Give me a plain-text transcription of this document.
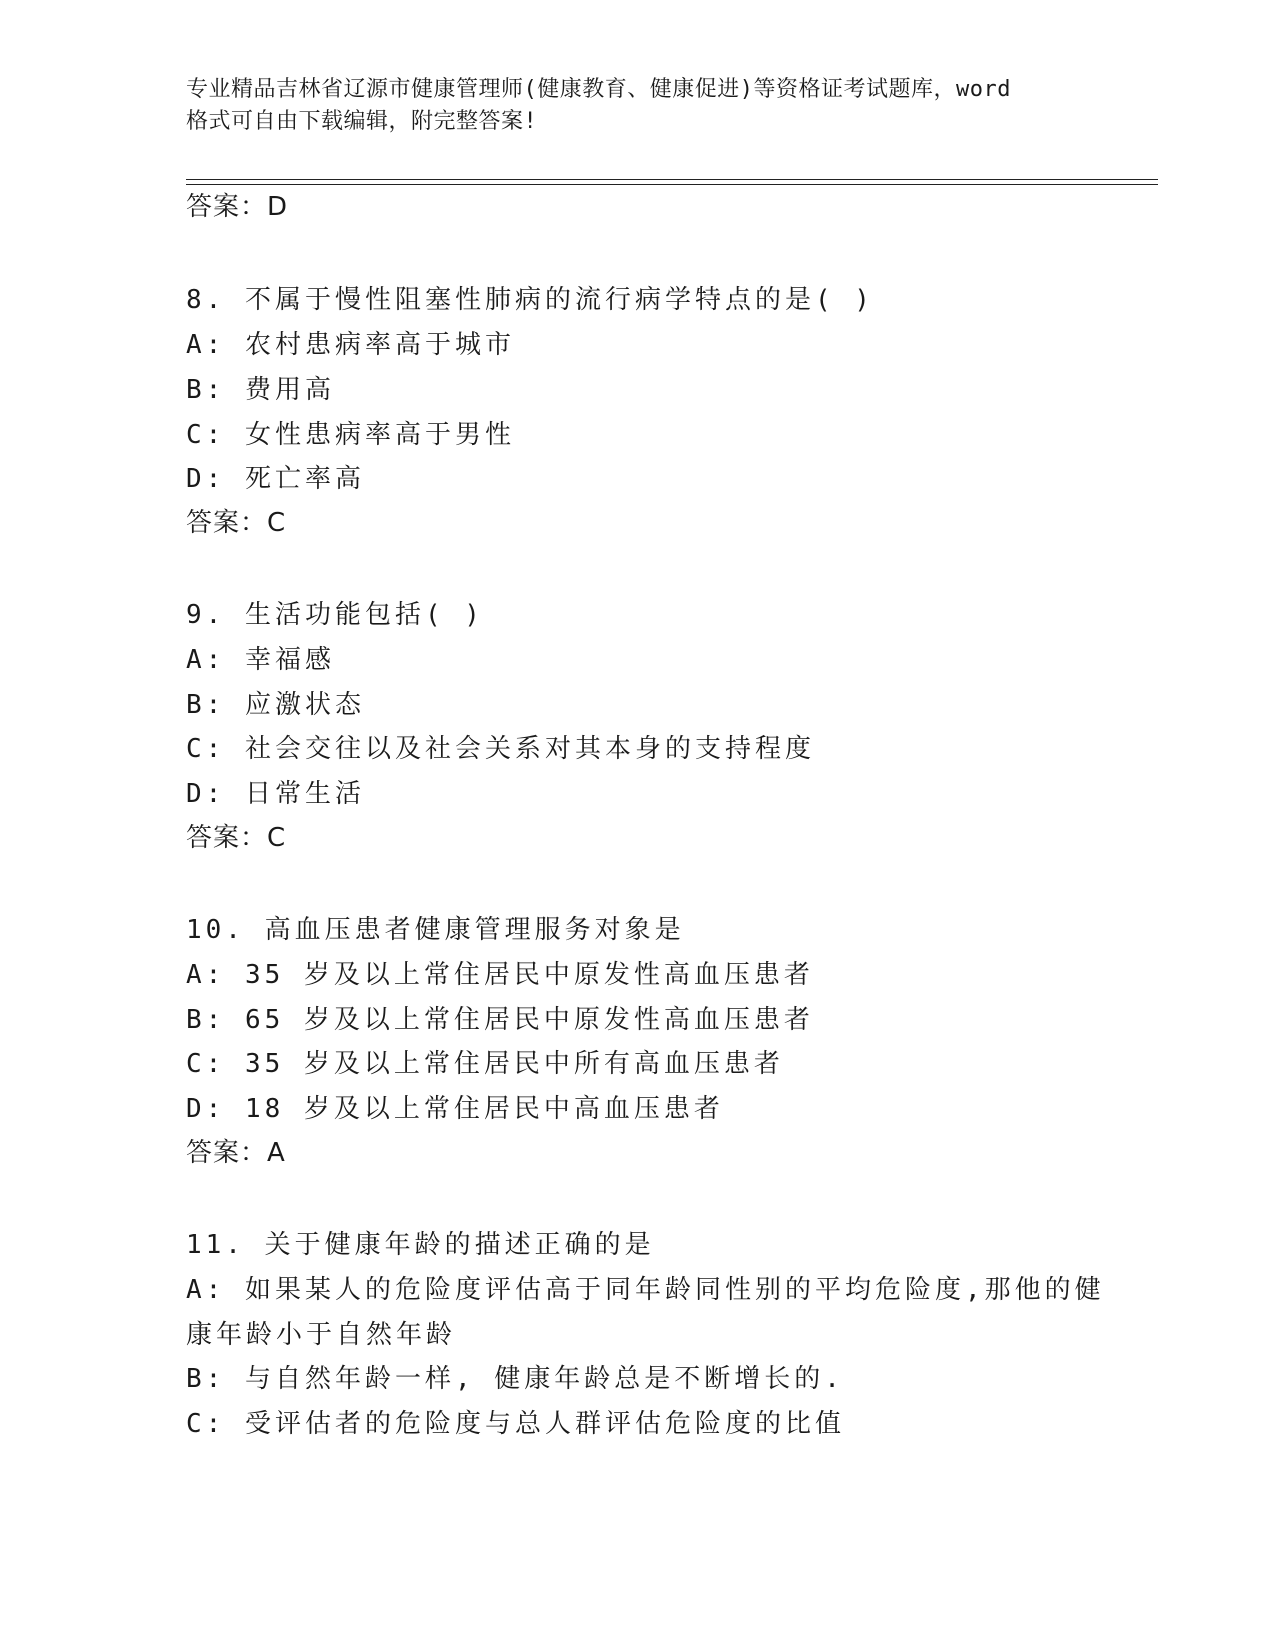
专业精品吉林省辽源市健康管理师(健康教育、健康促进)等资格证考试题库，word
格式可自由下载编辑，附完整答案!
答案：D
8. 不属于慢性阻塞性肺病的流行病学特点的是( )
A: 农村患病率高于城市
B: 费用高
C: 女性患病率高于男性
D: 死亡率高
答案：C
9. 生活功能包括( )
A: 幸福感
B: 应激状态
C: 社会交往以及社会关系对其本身的支持程度
D: 日常生活
答案：C
10. 高血压患者健康管理服务对象是
A: 35 岁及以上常住居民中原发性高血压患者
B: 65 岁及以上常住居民中原发性高血压患者
C: 35 岁及以上常住居民中所有高血压患者
D: 18 岁及以上常住居民中高血压患者
答案：A
11. 关于健康年龄的描述正确的是
A: 如果某人的危险度评估高于同年龄同性别的平均危险度,那他的健
康年龄小于自然年龄
B: 与自然年龄一样, 健康年龄总是不断增长的.
C: 受评估者的危险度与总人群评估危险度的比值
